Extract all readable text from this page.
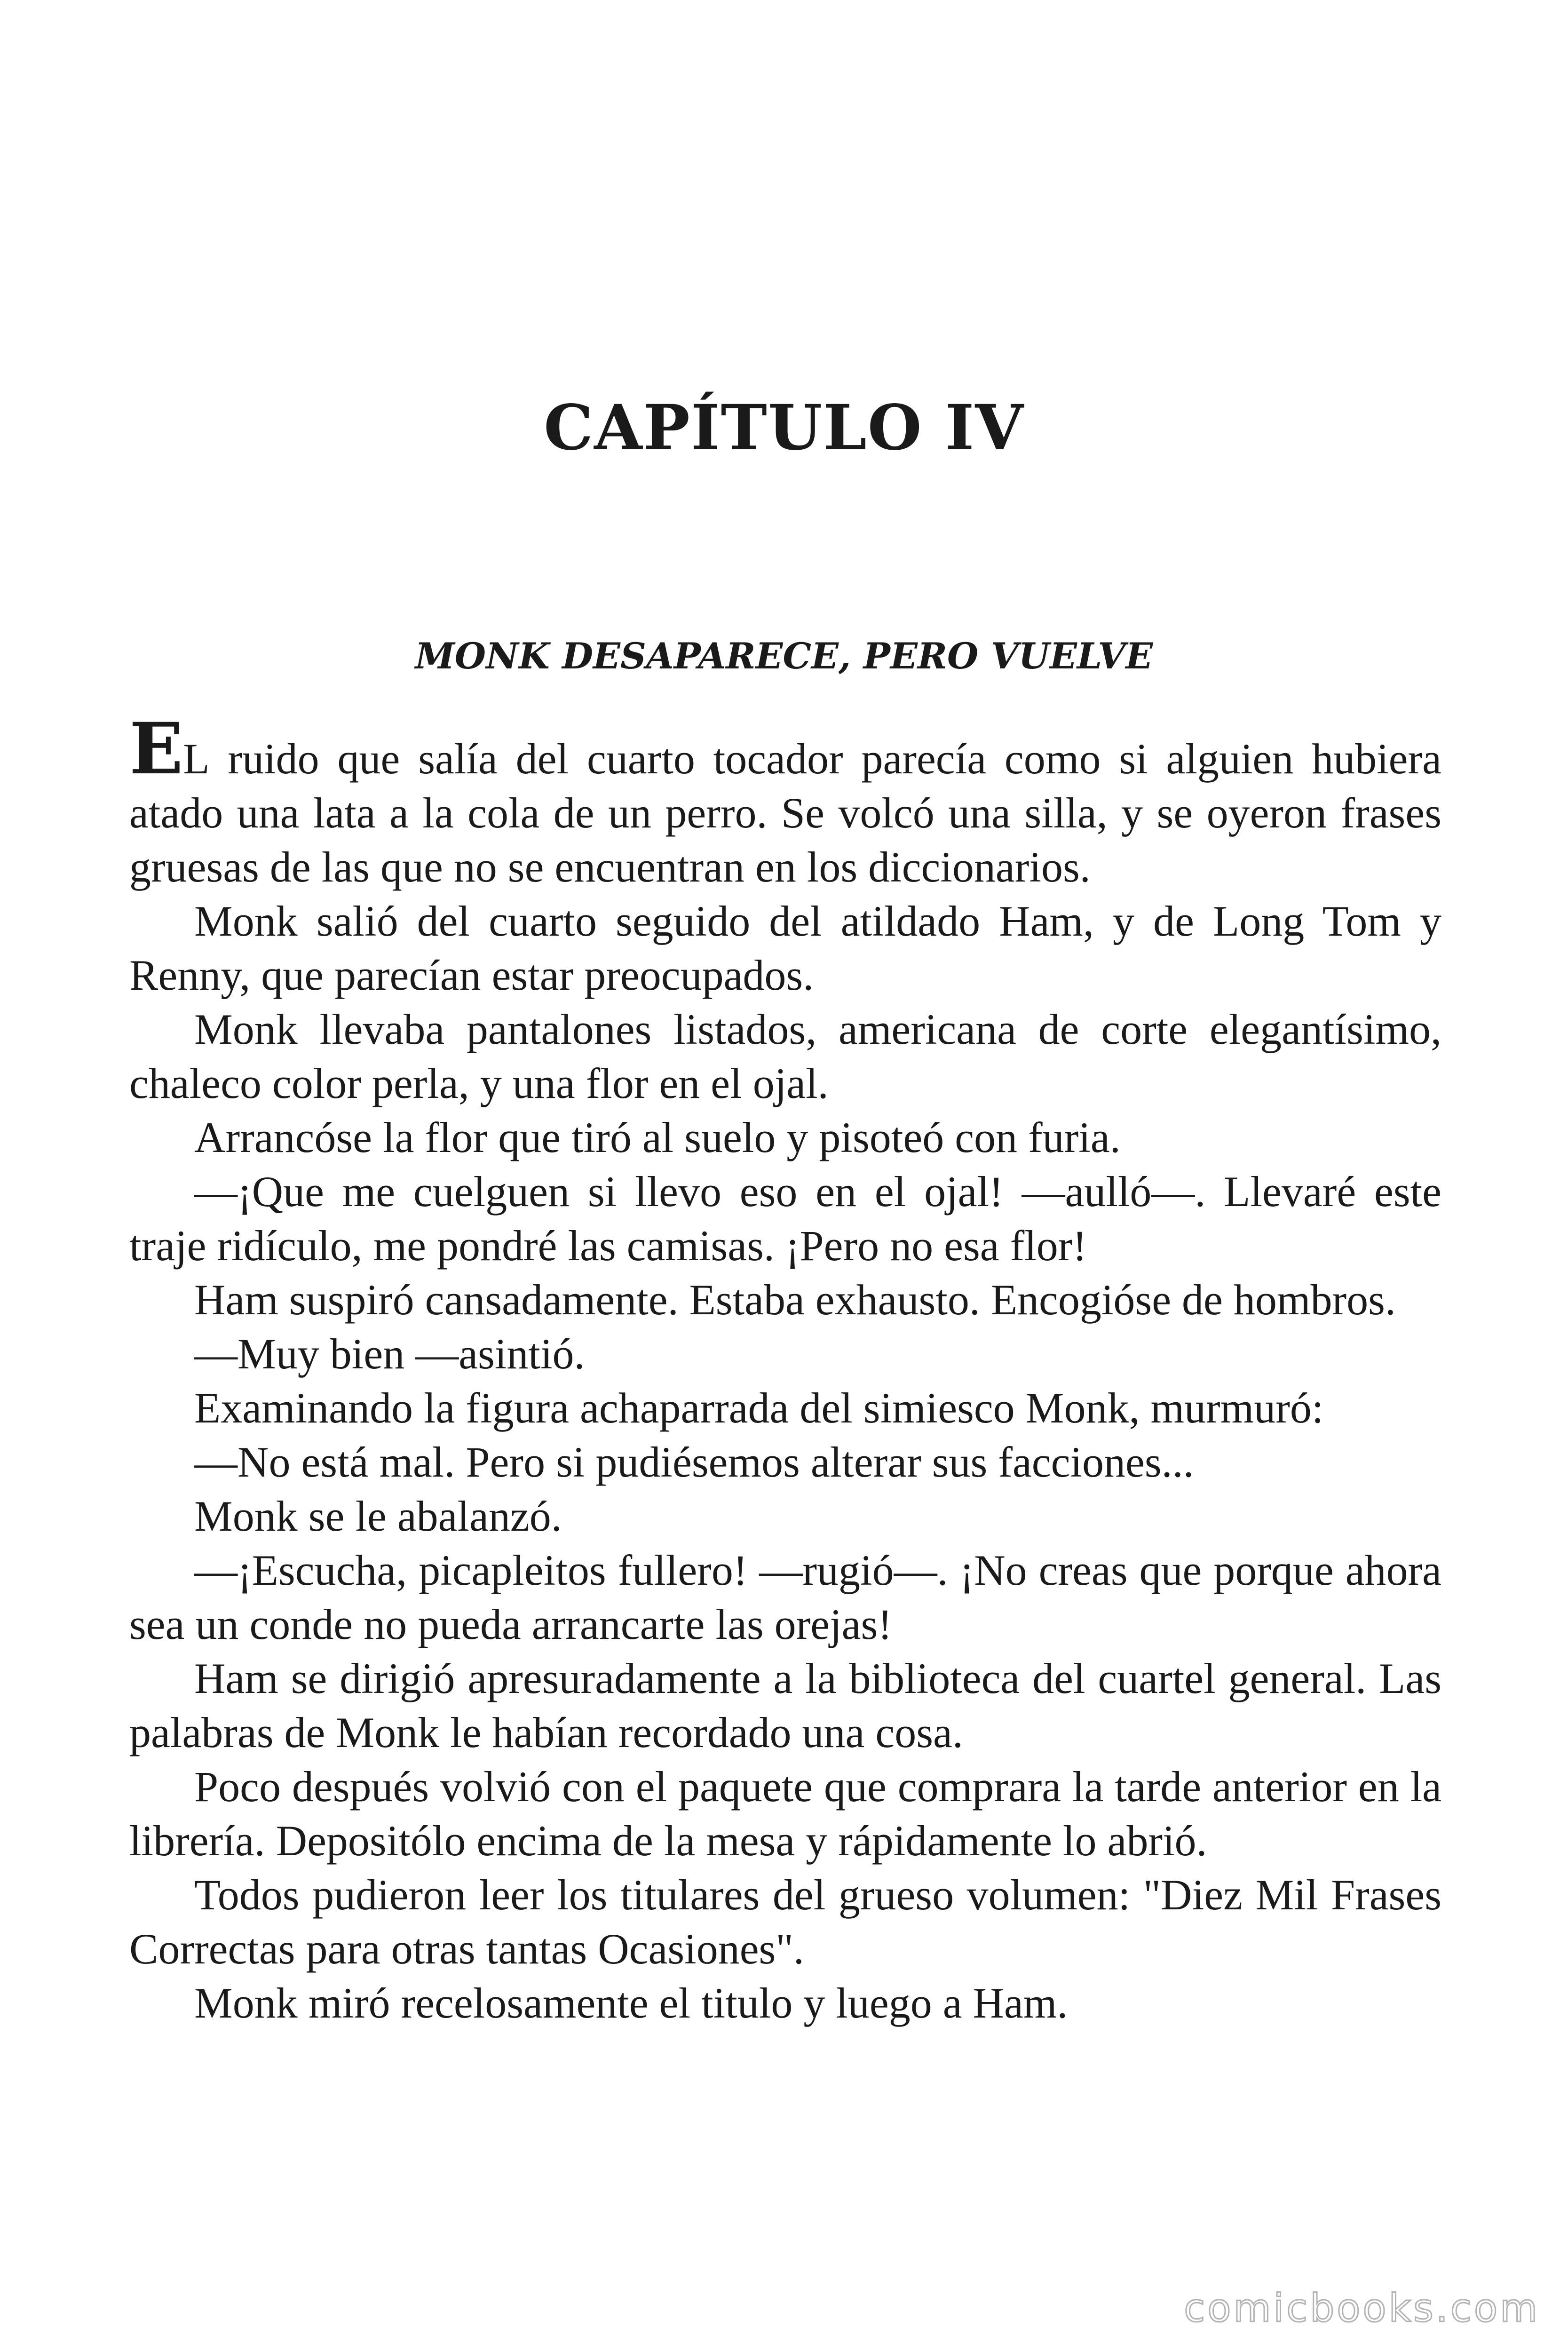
CAPÍTULO IV
MONK DESAPARECE, PERO VUELVE

EL ruido que salía del cuarto tocador parecía como si alguien hubiera atado una lata a la cola de un perro. Se volcó una silla, y se oyeron frases gruesas de las que no se encuentran en los diccionarios.

Monk salió del cuarto seguido del atildado Ham, y de Long Tom y Renny, que parecían estar preocupados.

Monk llevaba pantalones listados, americana de corte elegantísimo, chaleco color perla, y una flor en el ojal.

Arrancóse la flor que tiró al suelo y pisoteó con furia.

—¡Que me cuelguen si llevo eso en el ojal! —aulló—. Llevaré este traje ridículo, me pondré las camisas. ¡Pero no esa flor!

Ham suspiró cansadamente. Estaba exhausto. Encogióse de hombros.

—Muy bien —asintió.

Examinando la figura achaparrada del simiesco Monk, murmuró:

—No está mal. Pero si pudiésemos alterar sus facciones...

Monk se le abalanzó.

—¡Escucha, picapleitos fullero! —rugió—. ¡No creas que porque ahora sea un conde no pueda arrancarte las orejas!

Ham se dirigió apresuradamente a la biblioteca del cuartel general. Las palabras de Monk le habían recordado una cosa.

Poco después volvió con el paquete que comprara la tarde anterior en la librería. Depositólo encima de la mesa y rápidamente lo abrió.

Todos pudieron leer los titulares del grueso volumen: "Diez Mil Frases Correctas para otras tantas Ocasiones".

Monk miró recelosamente el titulo y luego a Ham.

comicbooks.com
